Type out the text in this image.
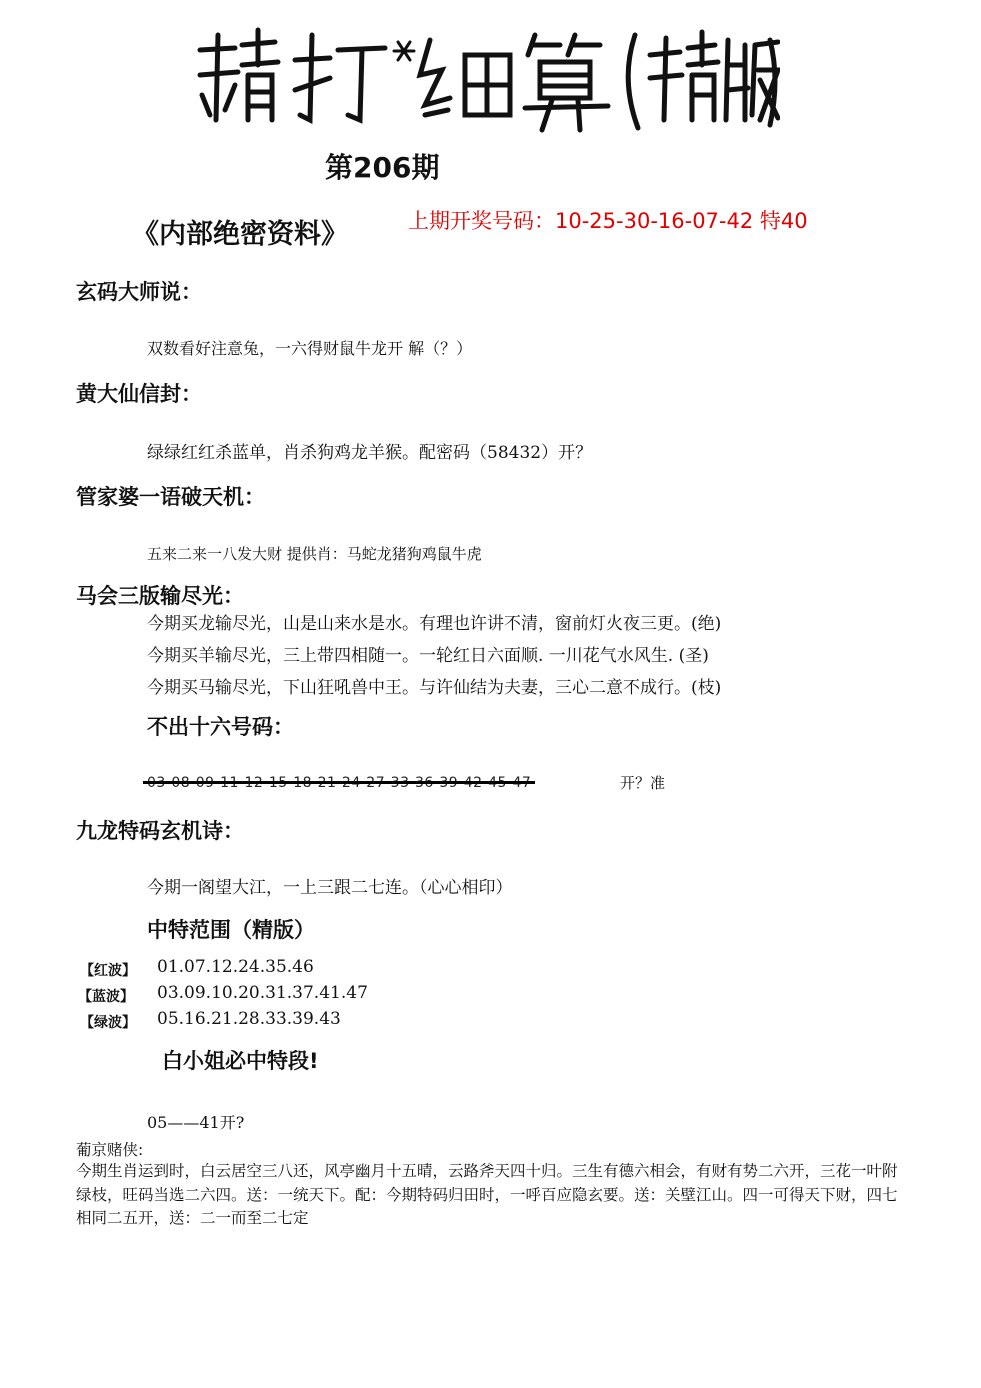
第206期
《内部绝密资料》	上期开奖号码：10-25-30-16-07-42 特40
玄码大师说：
双数看好注意兔，一六得财鼠牛龙开 解（？）
黄大仙信封：
绿绿红红杀蓝单，肖杀狗鸡龙羊猴。配密码（58432）开？
管家婆一语破天机：
五来二来一八发大财 提供肖：马蛇龙猪狗鸡鼠牛虎
马会三版输尽光：
今期买龙输尽光，山是山来水是水。有理也许讲不清，窗前灯火夜三更。(绝)
今期买羊输尽光，三上带四相随一。一轮红日六面顺. 一川花气水风生. (圣)
今期买马输尽光，下山狂吼兽中王。与许仙结为夫妻，三心二意不成行。(枝)
不出十六号码：
开？准
九龙特码玄机诗：
今期一阁望大江，一上三跟二七连。（心心相印）
中特范围（精版）
【红波】 01.07.12.24.35.46
【蓝波】 03.09.10.20.31.37.41.47
【绿波】 05.16.21.28.33.39.43
白小姐必中特段!
05——41开?
葡京赌侠:
今期生肖运到时，白云居空三八还，风亭幽月十五晴，云路斧天四十归。三生有德六相会，有财有势二六开，三花一叶附绿枝，旺码当选二六四。送：一统天下。配：今期特码归田时，一呼百应隐玄要。送：关壁江山。四一可得天下财，四七相同二五开，送：二一而至二七定
